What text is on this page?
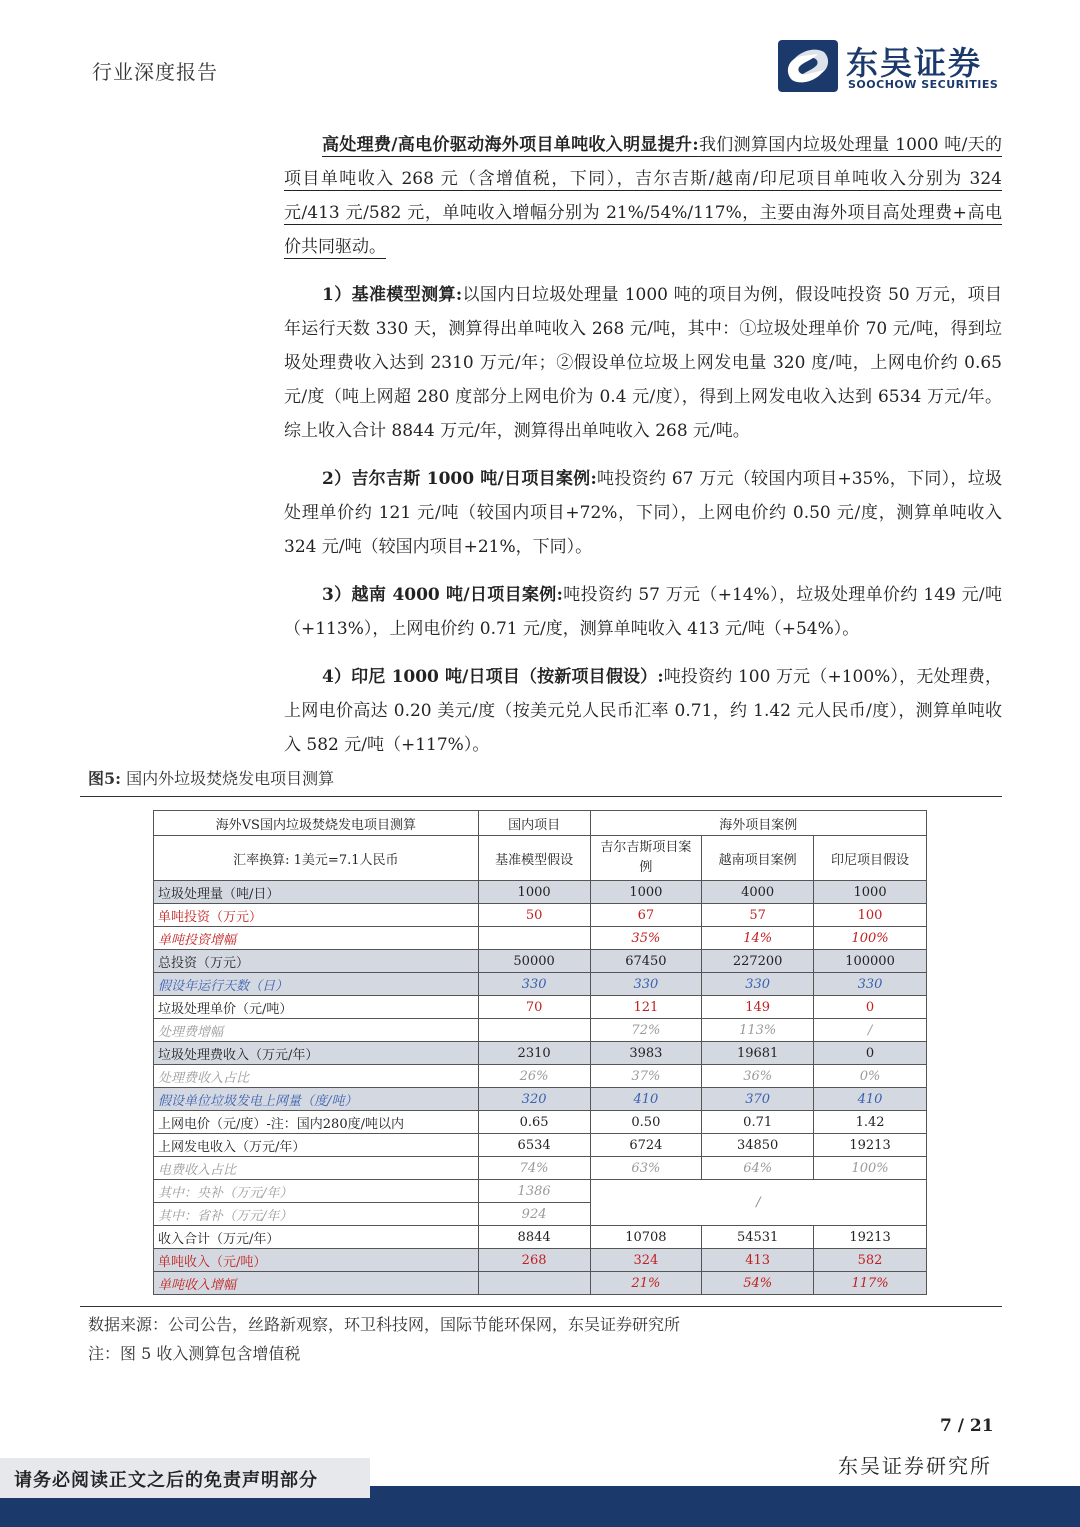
行业深度报告	东吴证券
SOOCHOW SECURITIES
高处理费/高电价驱动海外项目单吨收入明显提升:我们测算国内垃圾处理量 1000 吨/天的项目单吨收入 268 元（含增值税，下同），吉尔吉斯/越南/印尼项目单吨收入分别为 324 元/413 元/582 元，单吨收入增幅分别为 21%/54%/117%，主要由海外项目高处理费+高电价共同驱动。
1）基准模型测算:以国内日垃圾处理量 1000 吨的项目为例，假设吨投资 50 万元，项目年运行天数 330 天，测算得出单吨收入 268 元/吨，其中：①垃圾处理单价 70 元/吨，得到垃圾处理费收入达到 2310 万元/年；②假设单位垃圾上网发电量 320 度/吨，上网电价约 0.65 元/度（吨上网超 280 度部分上网电价为 0.4 元/度），得到上网发电收入达到 6534 万元/年。综上收入合计 8844 万元/年，测算得出单吨收入 268 元/吨。
2）吉尔吉斯 1000 吨/日项目案例:吨投资约 67 万元（较国内项目+35%，下同），垃圾处理单价约 121 元/吨（较国内项目+72%，下同），上网电价约 0.50 元/度，测算单吨收入 324 元/吨（较国内项目+21%，下同）。
3）越南 4000 吨/日项目案例:吨投资约 57 万元（+14%），垃圾处理单价约 149 元/吨（+113%），上网电价约 0.71 元/度，测算单吨收入 413 元/吨（+54%）。
4）印尼 1000 吨/日项目（按新项目假设）:吨投资约 100 万元（+100%），无处理费，上网电价高达 0.20 美元/度（按美元兑人民币汇率 0.71，约 1.42 元人民币/度），测算单吨收入 582 元/吨（+117%）。
图5: 国内外垃圾焚烧发电项目测算
海外VS国内垃圾焚烧发电项目测算	国内项目	海外项目案例		
汇率换算: 1美元=7.1人民币	基准模型假设	吉尔吉斯项目案例	越南项目案例	印尼项目假设
垃圾处理量（吨/日）	1000	1000	4000	1000
单吨投资（万元）	50	67	57	100
单吨投资增幅		35%	14%	100%
总投资（万元）	50000	67450	227200	100000
假设年运行天数（日）	330	330	330	330
垃圾处理单价（元/吨）	70	121	149	0
处理费增幅		72%	113%	/
垃圾处理费收入（万元/年）	2310	3983	19681	0
处理费收入占比	26%	37%	36%	0%
假设单位垃圾发电上网量（度/吨）	320	410	370	410
上网电价（元/度）-注：国内280度/吨以内	0.65	0.50	0.71	1.42
上网发电收入（万元/年）	6534	6724	34850	19213
电费收入占比	74%	63%	64%	100%
其中：央补（万元/年）	1386	/		
其中：省补（万元/年）	924			
收入合计（万元/年）	8844	10708	54531	19213
单吨收入（元/吨）	268	324	413	582
单吨收入增幅		21%	54%	117%
数据来源：公司公告，丝路新观察，环卫科技网，国际节能环保网，东吴证券研究所
注：图 5 收入测算包含增值税
7 / 21
东吴证券研究所
请务必阅读正文之后的免责声明部分
